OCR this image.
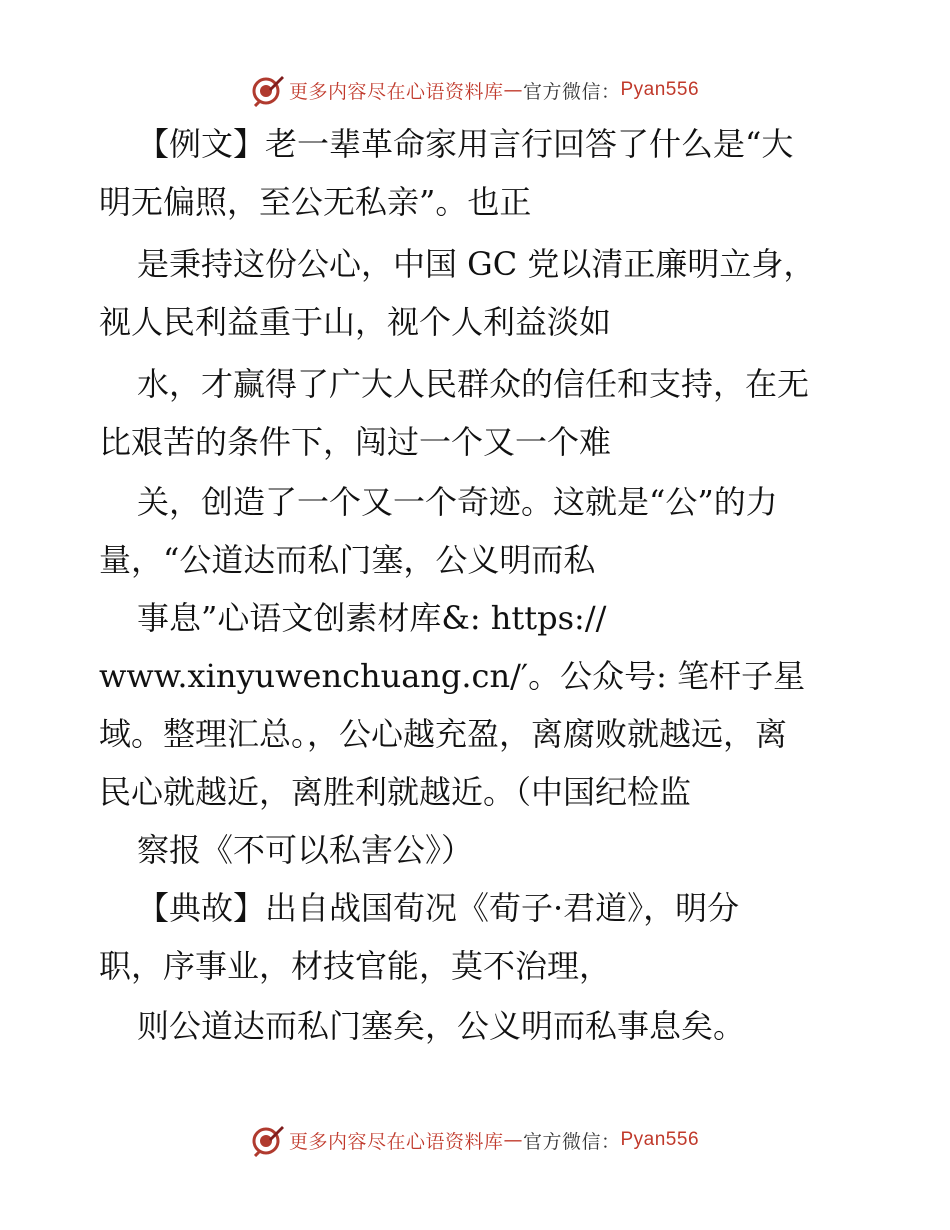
更多内容尽在心语资料库 — 官方微信： Pyan556
【例文】老一辈革命家用言行回答了什么是“大
明无偏照，至公无私亲”。也正
是秉持这份公心，中国 GC 党以清正廉明立身，
视人民利益重于山，视个人利益淡如
水，才赢得了广大人民群众的信任和支持，在无
比艰苦的条件下，闯过一个又一个难
关，创造了一个又一个奇迹。这就是“公”的力
量，“公道达而私门塞，公义明而私
事息”心语文创素材库&: https://
www.xinyuwenchuang.cn/′。公众号: 笔杆子星
域。整理汇总。，公心越充盈，离腐败就越远，离
民心就越近，离胜利就越近。（中国纪检监
察报《不可以私害公》）
【典故】出自战国荀况《荀子·君道》，明分
职，序事业，材技官能，莫不治理，
则公道达而私门塞矣，公义明而私事息矣。
更多内容尽在心语资料库 — 官方微信： Pyan556
